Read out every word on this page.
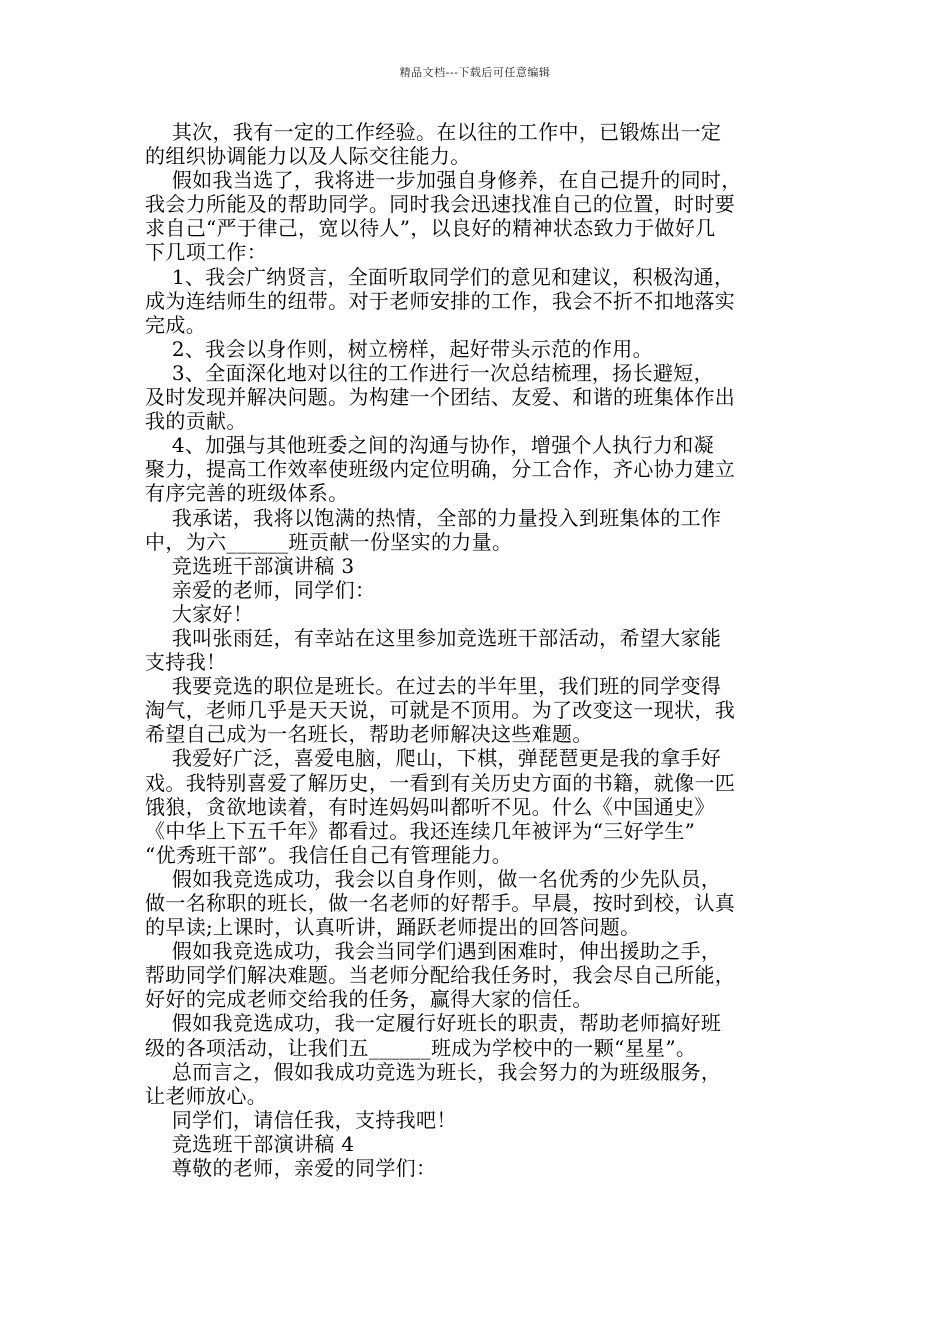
精品文档---下载后可任意编辑
其次，我有一定的工作经验。在以往的工作中，已锻炼出一定
的组织协调能力以及人际交往能力。
假如我当选了，我将进一步加强自身修养，在自己提升的同时，
我会力所能及的帮助同学。同时我会迅速找准自己的位置，时时要
求自己“严于律己，宽以待人”，以良好的精神状态致力于做好几
下几项工作：
1、我会广纳贤言，全面听取同学们的意见和建议，积极沟通，
成为连结师生的纽带。对于老师安排的工作，我会不折不扣地落实
完成。
2、我会以身作则，树立榜样，起好带头示范的作用。
3、全面深化地对以往的工作进行一次总结梳理，扬长避短，
及时发现并解决问题。为构建一个团结、友爱、和谐的班集体作出
我的贡献。
4、加强与其他班委之间的沟通与协作，增强个人执行力和凝
聚力，提高工作效率使班级内定位明确，分工合作，齐心协力建立
有序完善的班级体系。
我承诺，我将以饱满的热情，全部的力量投入到班集体的工作
中，为六______班贡献一份坚实的力量。
竞选班干部演讲稿 3
亲爱的老师，同学们：
大家好！
我叫张雨廷，有幸站在这里参加竞选班干部活动，希望大家能
支持我！
我要竞选的职位是班长。在过去的半年里，我们班的同学变得
淘气，老师几乎是天天说，可就是不顶用。为了改变这一现状，我
希望自己成为一名班长，帮助老师解决这些难题。
我爱好广泛，喜爱电脑，爬山，下棋，弹琵琶更是我的拿手好
戏。我特别喜爱了解历史，一看到有关历史方面的书籍，就像一匹
饿狼，贪欲地读着，有时连妈妈叫都听不见。什么《中国通史》
《中华上下五千年》都看过。我还连续几年被评为“三好学生”
“优秀班干部”。我信任自己有管理能力。
假如我竞选成功，我会以自身作则，做一名优秀的少先队员，
做一名称职的班长，做一名老师的好帮手。早晨，按时到校，认真
的早读;上课时，认真听讲，踊跃老师提出的回答问题。
假如我竞选成功，我会当同学们遇到困难时，伸出援助之手，
帮助同学们解决难题。当老师分配给我任务时，我会尽自己所能，
好好的完成老师交给我的任务，赢得大家的信任。
假如我竞选成功，我一定履行好班长的职责，帮助老师搞好班
级的各项活动，让我们五______班成为学校中的一颗“星星”。
总而言之，假如我成功竞选为班长，我会努力的为班级服务，
让老师放心。
同学们，请信任我，支持我吧！
竞选班干部演讲稿 4
尊敬的老师，亲爱的同学们：
